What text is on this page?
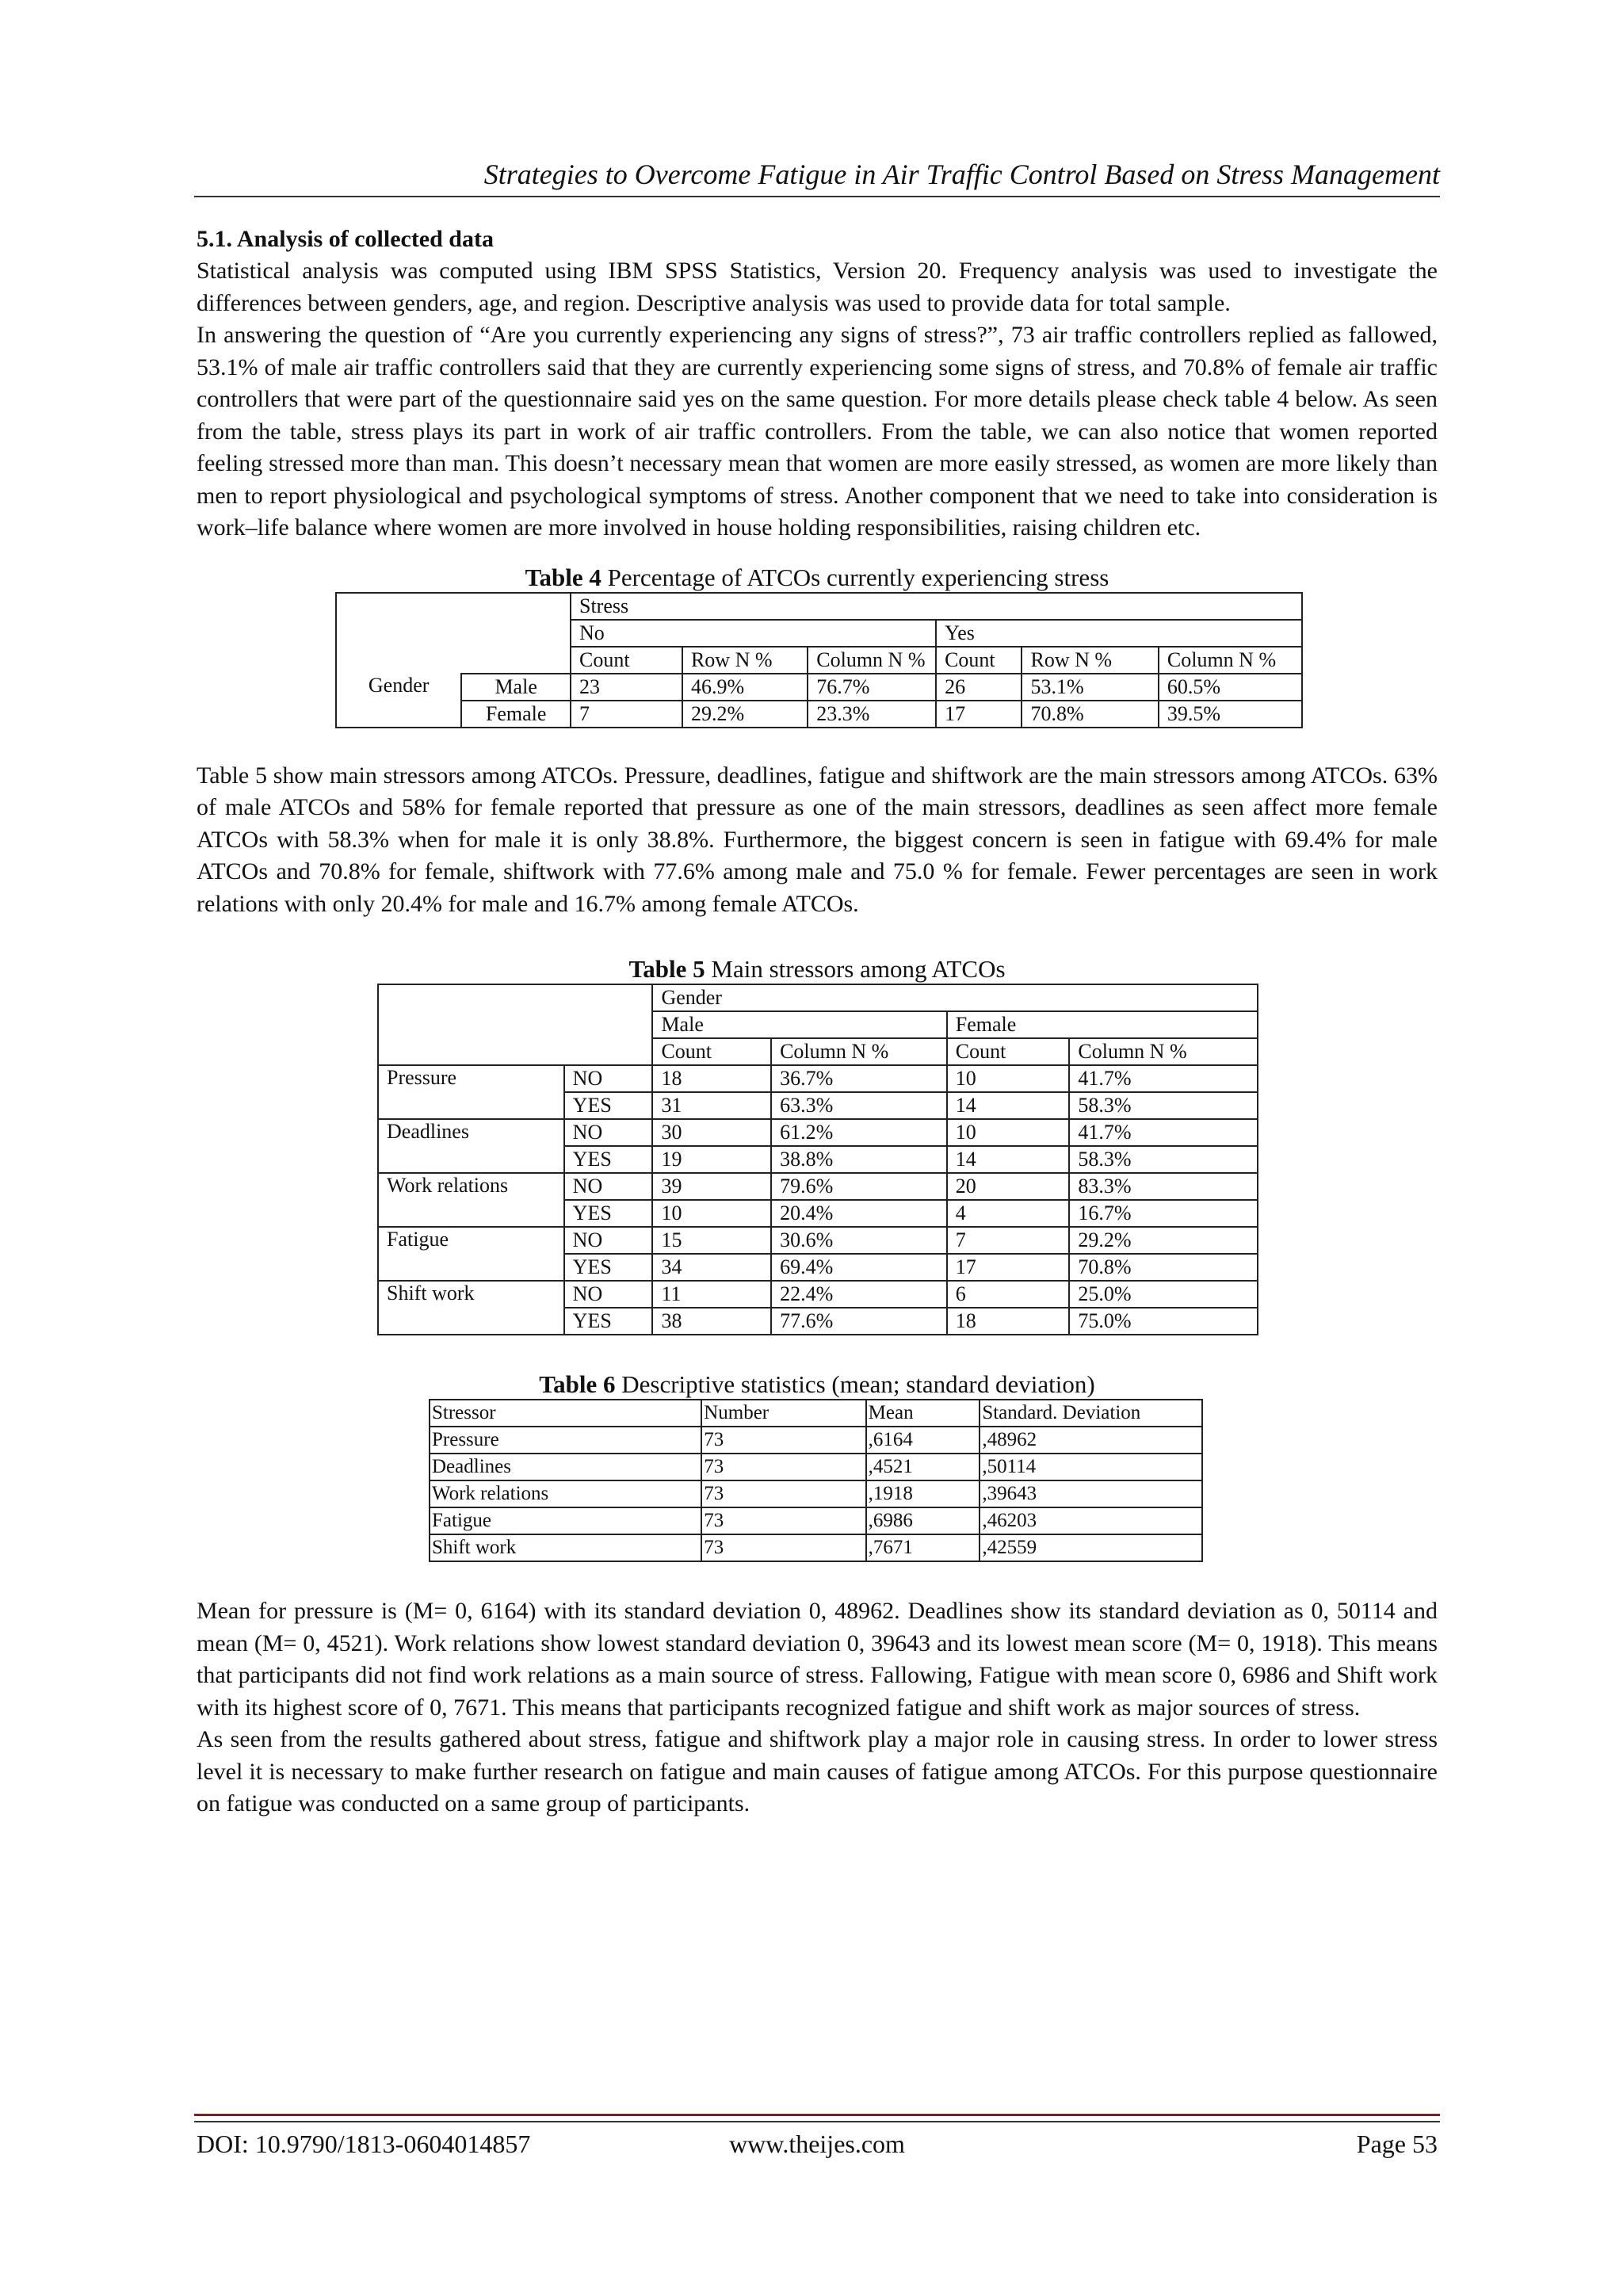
Strategies to Overcome Fatigue in Air Traffic Control Based on Stress Management

5.1. Analysis of collected data

Statistical analysis was computed using IBM SPSS Statistics, Version 20. Frequency analysis was used to investigate the differences between genders, age, and region. Descriptive analysis was used to provide data for total sample.

In answering the question of “Are you currently experiencing any signs of stress?”, 73 air traffic controllers replied as fallowed, 53.1% of male air traffic controllers said that they are currently experiencing some signs of stress, and 70.8% of female air traffic controllers that were part of the questionnaire said yes on the same question. For more details please check table 4 below. As seen from the table, stress plays its part in work of air traffic controllers. From the table, we can also notice that women reported feeling stressed more than man. This doesn’t necessary mean that women are more easily stressed, as women are more likely than men to report physiological and psychological symptoms of stress. Another component that we need to take into consideration is work–life balance where women are more involved in house holding responsibilities, raising children etc.

Table 4 Percentage of ATCOs currently experiencing stress

		Stress					
		No			Yes		
		Count	Row N %	Column N %	Count	Row N %	Column N %
Gender	Male	23	46.9%	76.7%	26	53.1%	60.5%
	Female	7	29.2%	23.3%	17	70.8%	39.5%

Table 5 show main stressors among ATCOs. Pressure, deadlines, fatigue and shiftwork are the main stressors among ATCOs. 63% of male ATCOs and 58% for female reported that pressure as one of the main stressors, deadlines as seen affect more female ATCOs with 58.3% when for male it is only 38.8%. Furthermore, the biggest concern is seen in fatigue with 69.4% for male ATCOs and 70.8% for female, shiftwork with 77.6% among male and 75.0 % for female. Fewer percentages are seen in work relations with only 20.4% for male and 16.7% among female ATCOs.

Table 5 Main stressors among ATCOs

		Gender			
		Male		Female	
		Count	Column N %	Count	Column N %
Pressure	NO	18	36.7%	10	41.7%
	YES	31	63.3%	14	58.3%
Deadlines	NO	30	61.2%	10	41.7%
	YES	19	38.8%	14	58.3%
Work relations	NO	39	79.6%	20	83.3%
	YES	10	20.4%	4	16.7%
Fatigue	NO	15	30.6%	7	29.2%
	YES	34	69.4%	17	70.8%
Shift work	NO	11	22.4%	6	25.0%
	YES	38	77.6%	18	75.0%

Table 6 Descriptive statistics (mean; standard deviation)

Stressor	Number	Mean	Standard. Deviation
Pressure	73	,6164	,48962
Deadlines	73	,4521	,50114
Work relations	73	,1918	,39643
Fatigue	73	,6986	,46203
Shift work	73	,7671	,42559

Mean for pressure is (M= 0, 6164) with its standard deviation 0, 48962. Deadlines show its standard deviation as 0, 50114 and mean (M= 0, 4521). Work relations show lowest standard deviation 0, 39643 and its lowest mean score (M= 0, 1918). This means that participants did not find work relations as a main source of stress. Fallowing, Fatigue with mean score 0, 6986 and Shift work with its highest score of 0, 7671. This means that participants recognized fatigue and shift work as major sources of stress.

As seen from the results gathered about stress, fatigue and shiftwork play a major role in causing stress. In order to lower stress level it is necessary to make further research on fatigue and main causes of fatigue among ATCOs. For this purpose questionnaire on fatigue was conducted on a same group of participants.

DOI: 10.9790/1813-0604014857	www.theijes.com	Page 53
